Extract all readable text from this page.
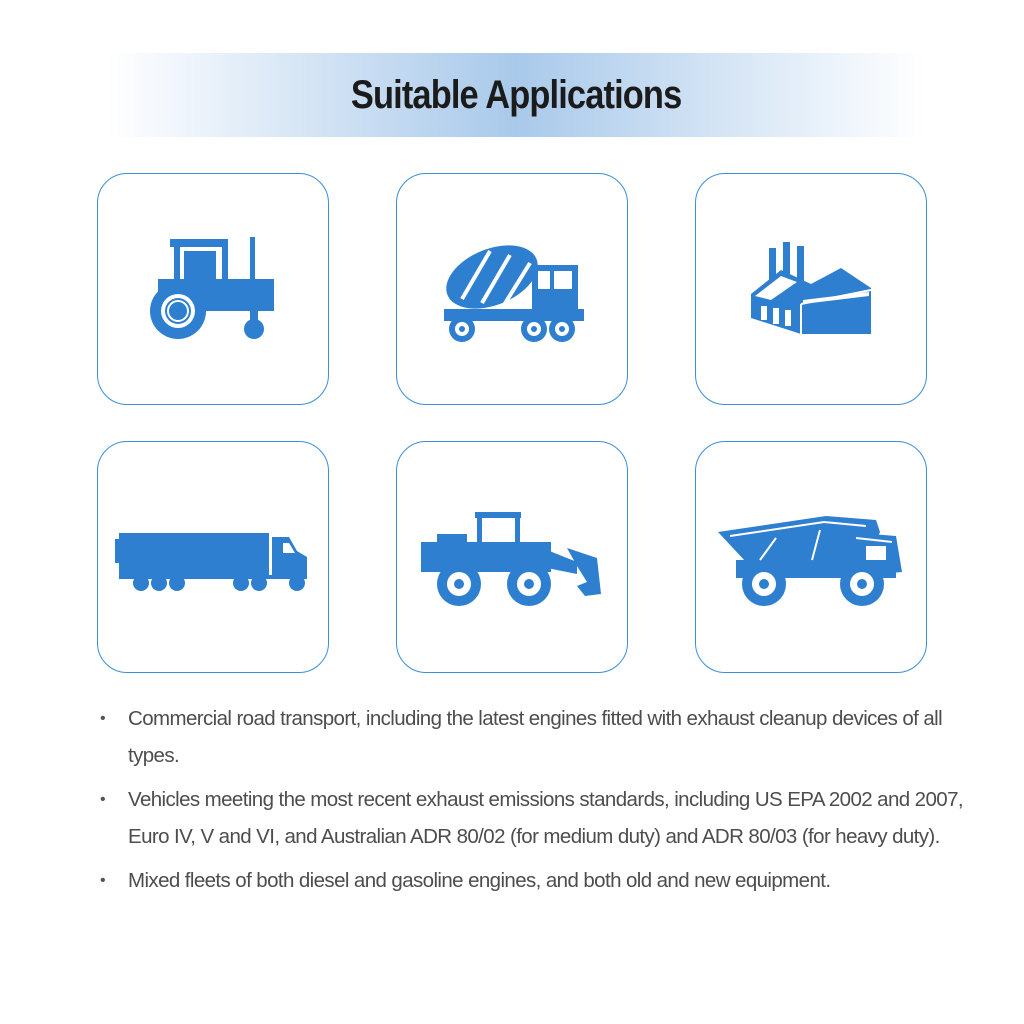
Suitable Applications
• Commercial road transport, including the latest engines fitted with exhaust cleanup devices of all types.
• Vehicles meeting the most recent exhaust emissions standards, including US EPA 2002 and 2007, Euro IV, V and VI, and Australian ADR 80/02 (for medium duty) and ADR 80/03 (for heavy duty).
• Mixed fleets of both diesel and gasoline engines, and both old and new equipment.
